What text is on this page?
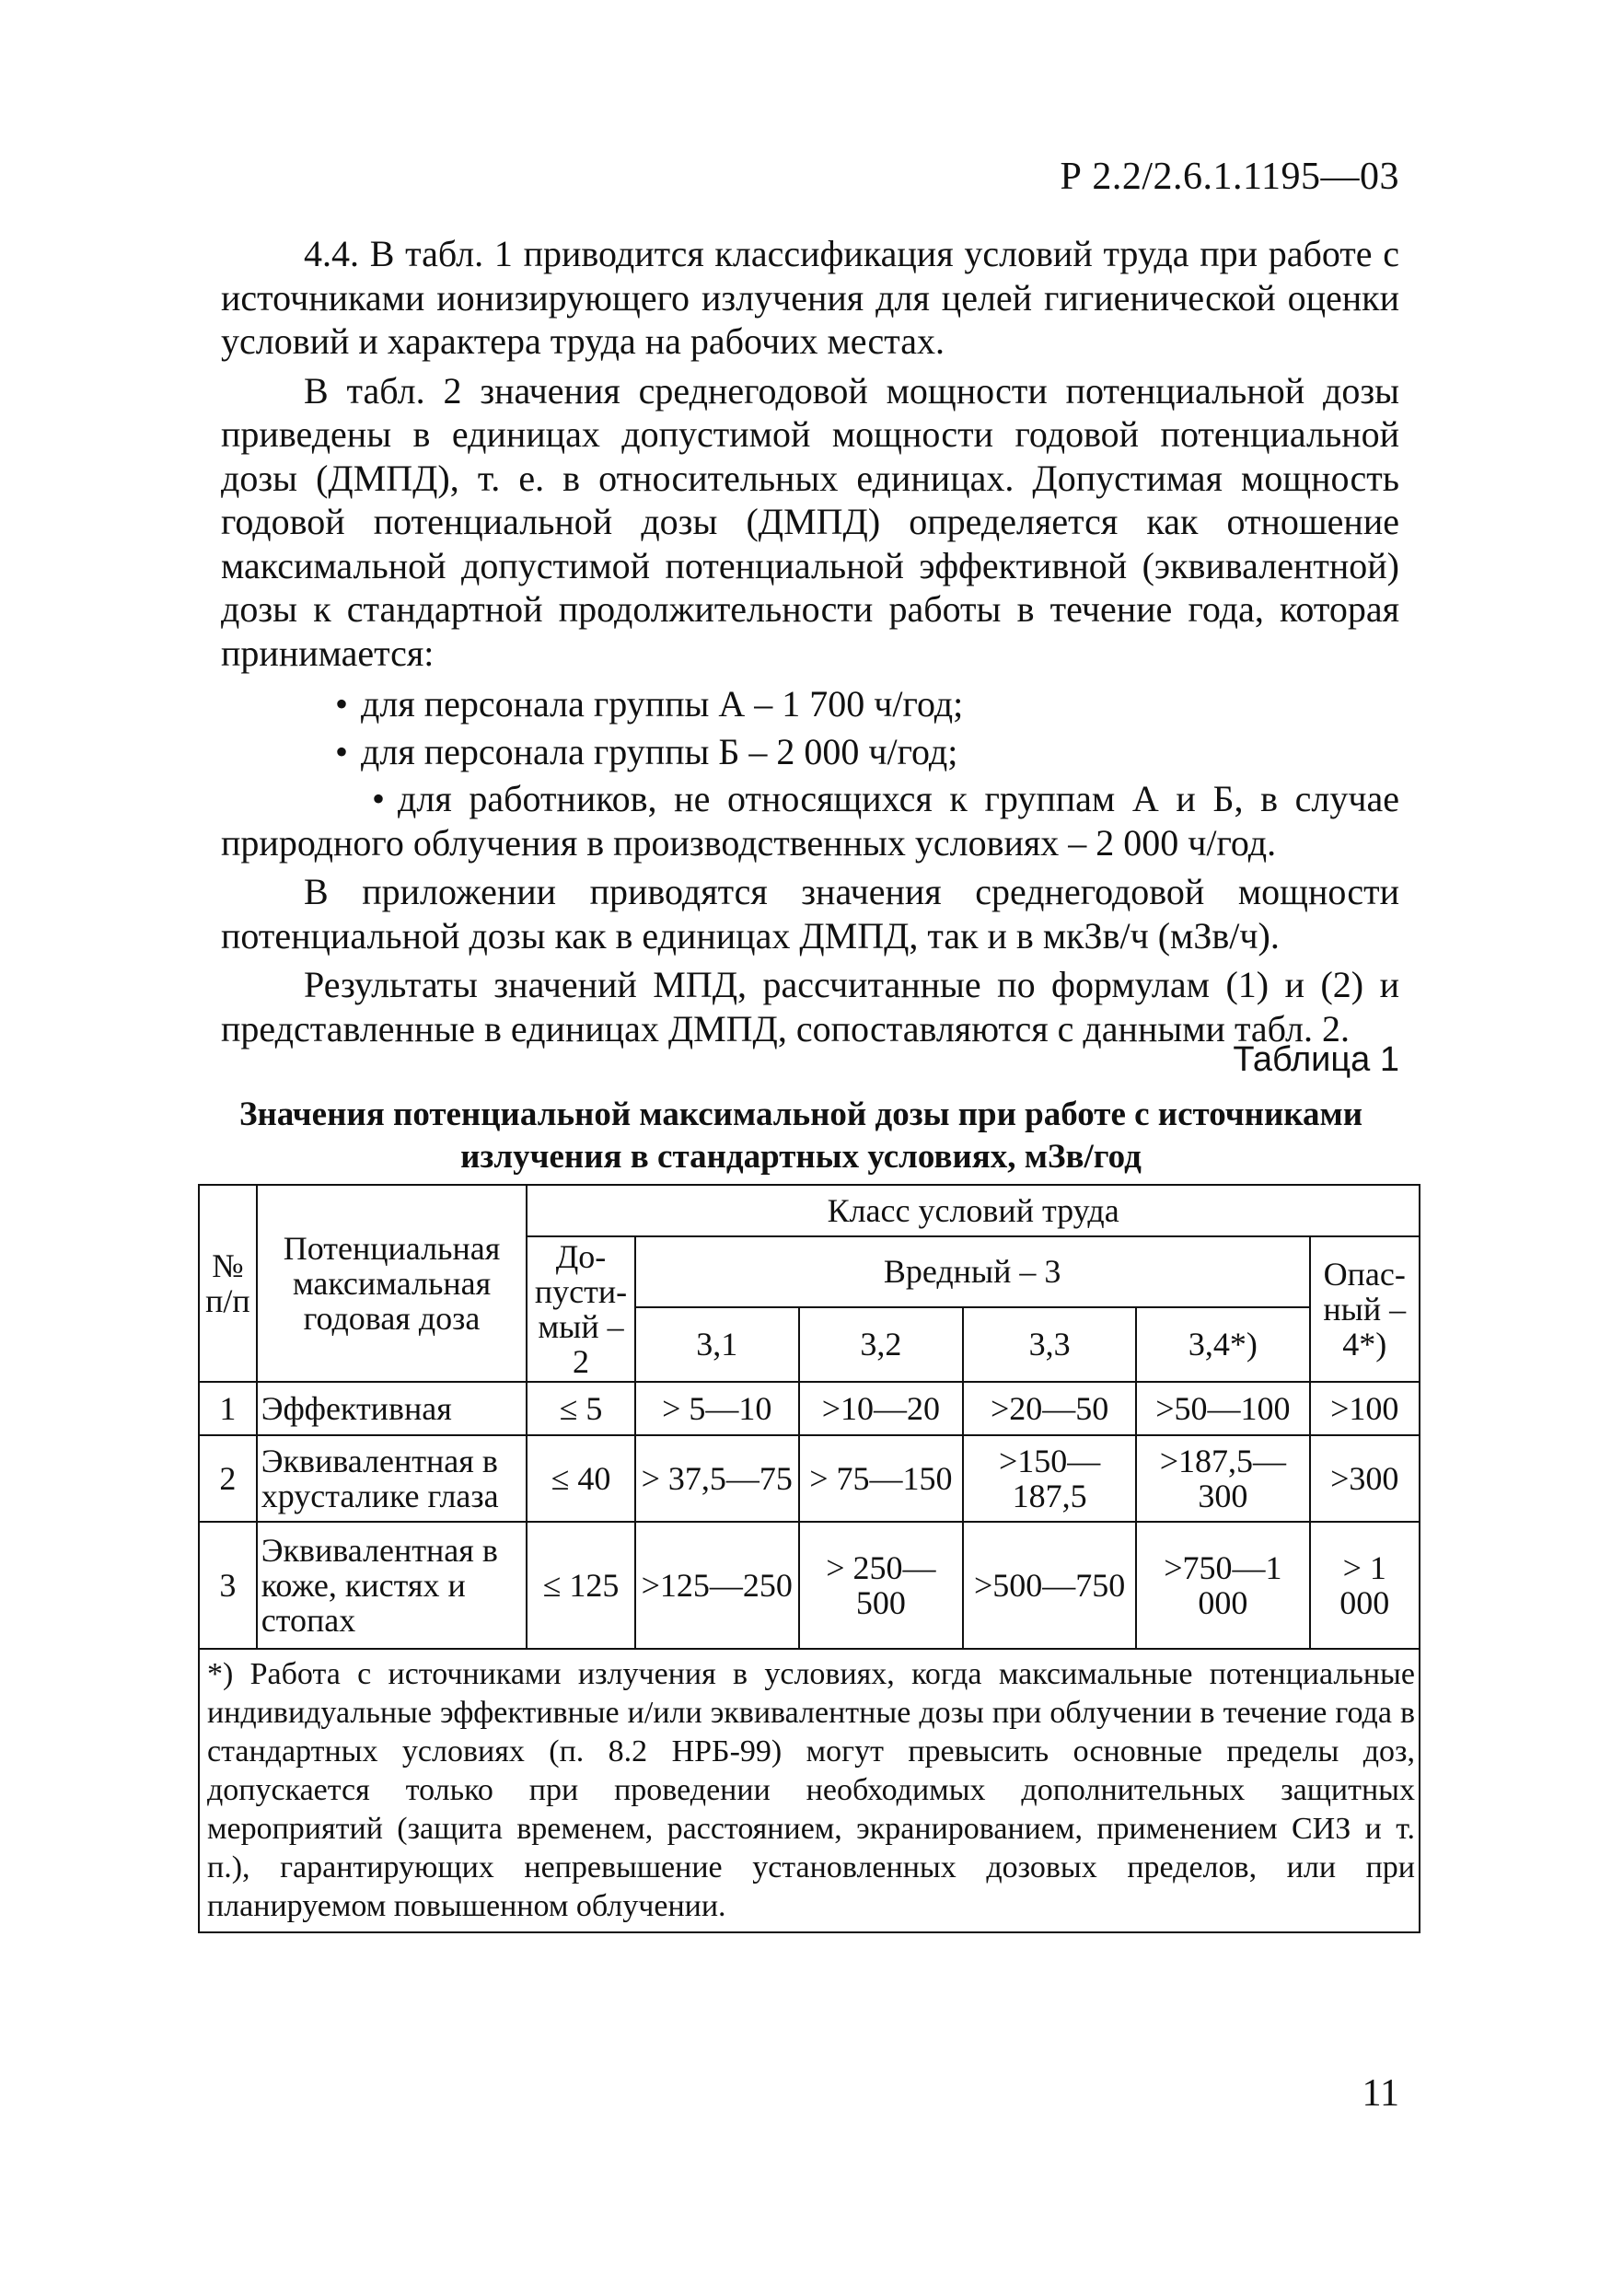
Р 2.2/2.6.1.1195—03

4.4. В табл. 1 приводится классификация условий труда при работе с источниками ионизирующего излучения для целей гигиенической оценки условий и характера труда на рабочих местах.

В табл. 2 значения среднегодовой мощности потенциальной дозы приведены в единицах допустимой мощности годовой потенциальной дозы (ДМПД), т. е. в относительных единицах. Допустимая мощность годовой потенциальной дозы (ДМПД) определяется как отношение максимальной допустимой потенциальной эффективной (эквивалентной) дозы к стандартной продолжительности работы в течение года, которая принимается:

• для персонала группы А – 1 700 ч/год;
• для персонала группы Б – 2 000 ч/год;
• для работников, не относящихся к группам А и Б, в случае природного облучения в производственных условиях – 2 000 ч/год.

В приложении приводятся значения среднегодовой мощности потенциальной дозы как в единицах ДМПД, так и в мкЗв/ч (мЗв/ч).

Результаты значений МПД, рассчитанные по формулам (1) и (2) и представленные в единицах ДМПД, сопоставляются с данными табл. 2.

Таблица 1
Значения потенциальной максимальной дозы при работе с источниками
излучения в стандартных условиях, мЗв/год
№ п/п	Потенциальная максимальная годовая доза	Класс условий труда					
		До-пусти-мый – 2	Вредный – 3				Опас-ный – 4*)
			3,1	3,2	3,3	3,4*)	
1	Эффективная	≤ 5	> 5—10	>10—20	>20—50	>50—100	>100
2	Эквивалентная в хрусталике глаза	≤ 40	> 37,5—75	> 75—150	>150—187,5	>187,5—300	>300
3	Эквивалентная в коже, кистях и стопах	≤ 125	>125—250	> 250—500	>500—750	>750—1 000	> 1 000
*) Работа с источниками излучения в условиях, когда максимальные потенциальные индивидуальные эффективные и/или эквивалентные дозы при облучении в течение года в стандартных условиях (п. 8.2 НРБ-99) могут превысить основные пределы доз, допускается только при проведении необходимых дополнительных защитных мероприятий (защита временем, расстоянием, экранированием, применением СИЗ и т. п.), гарантирующих непревышение установленных дозовых пределов, или при планируемом повышенном облучении.							
11
